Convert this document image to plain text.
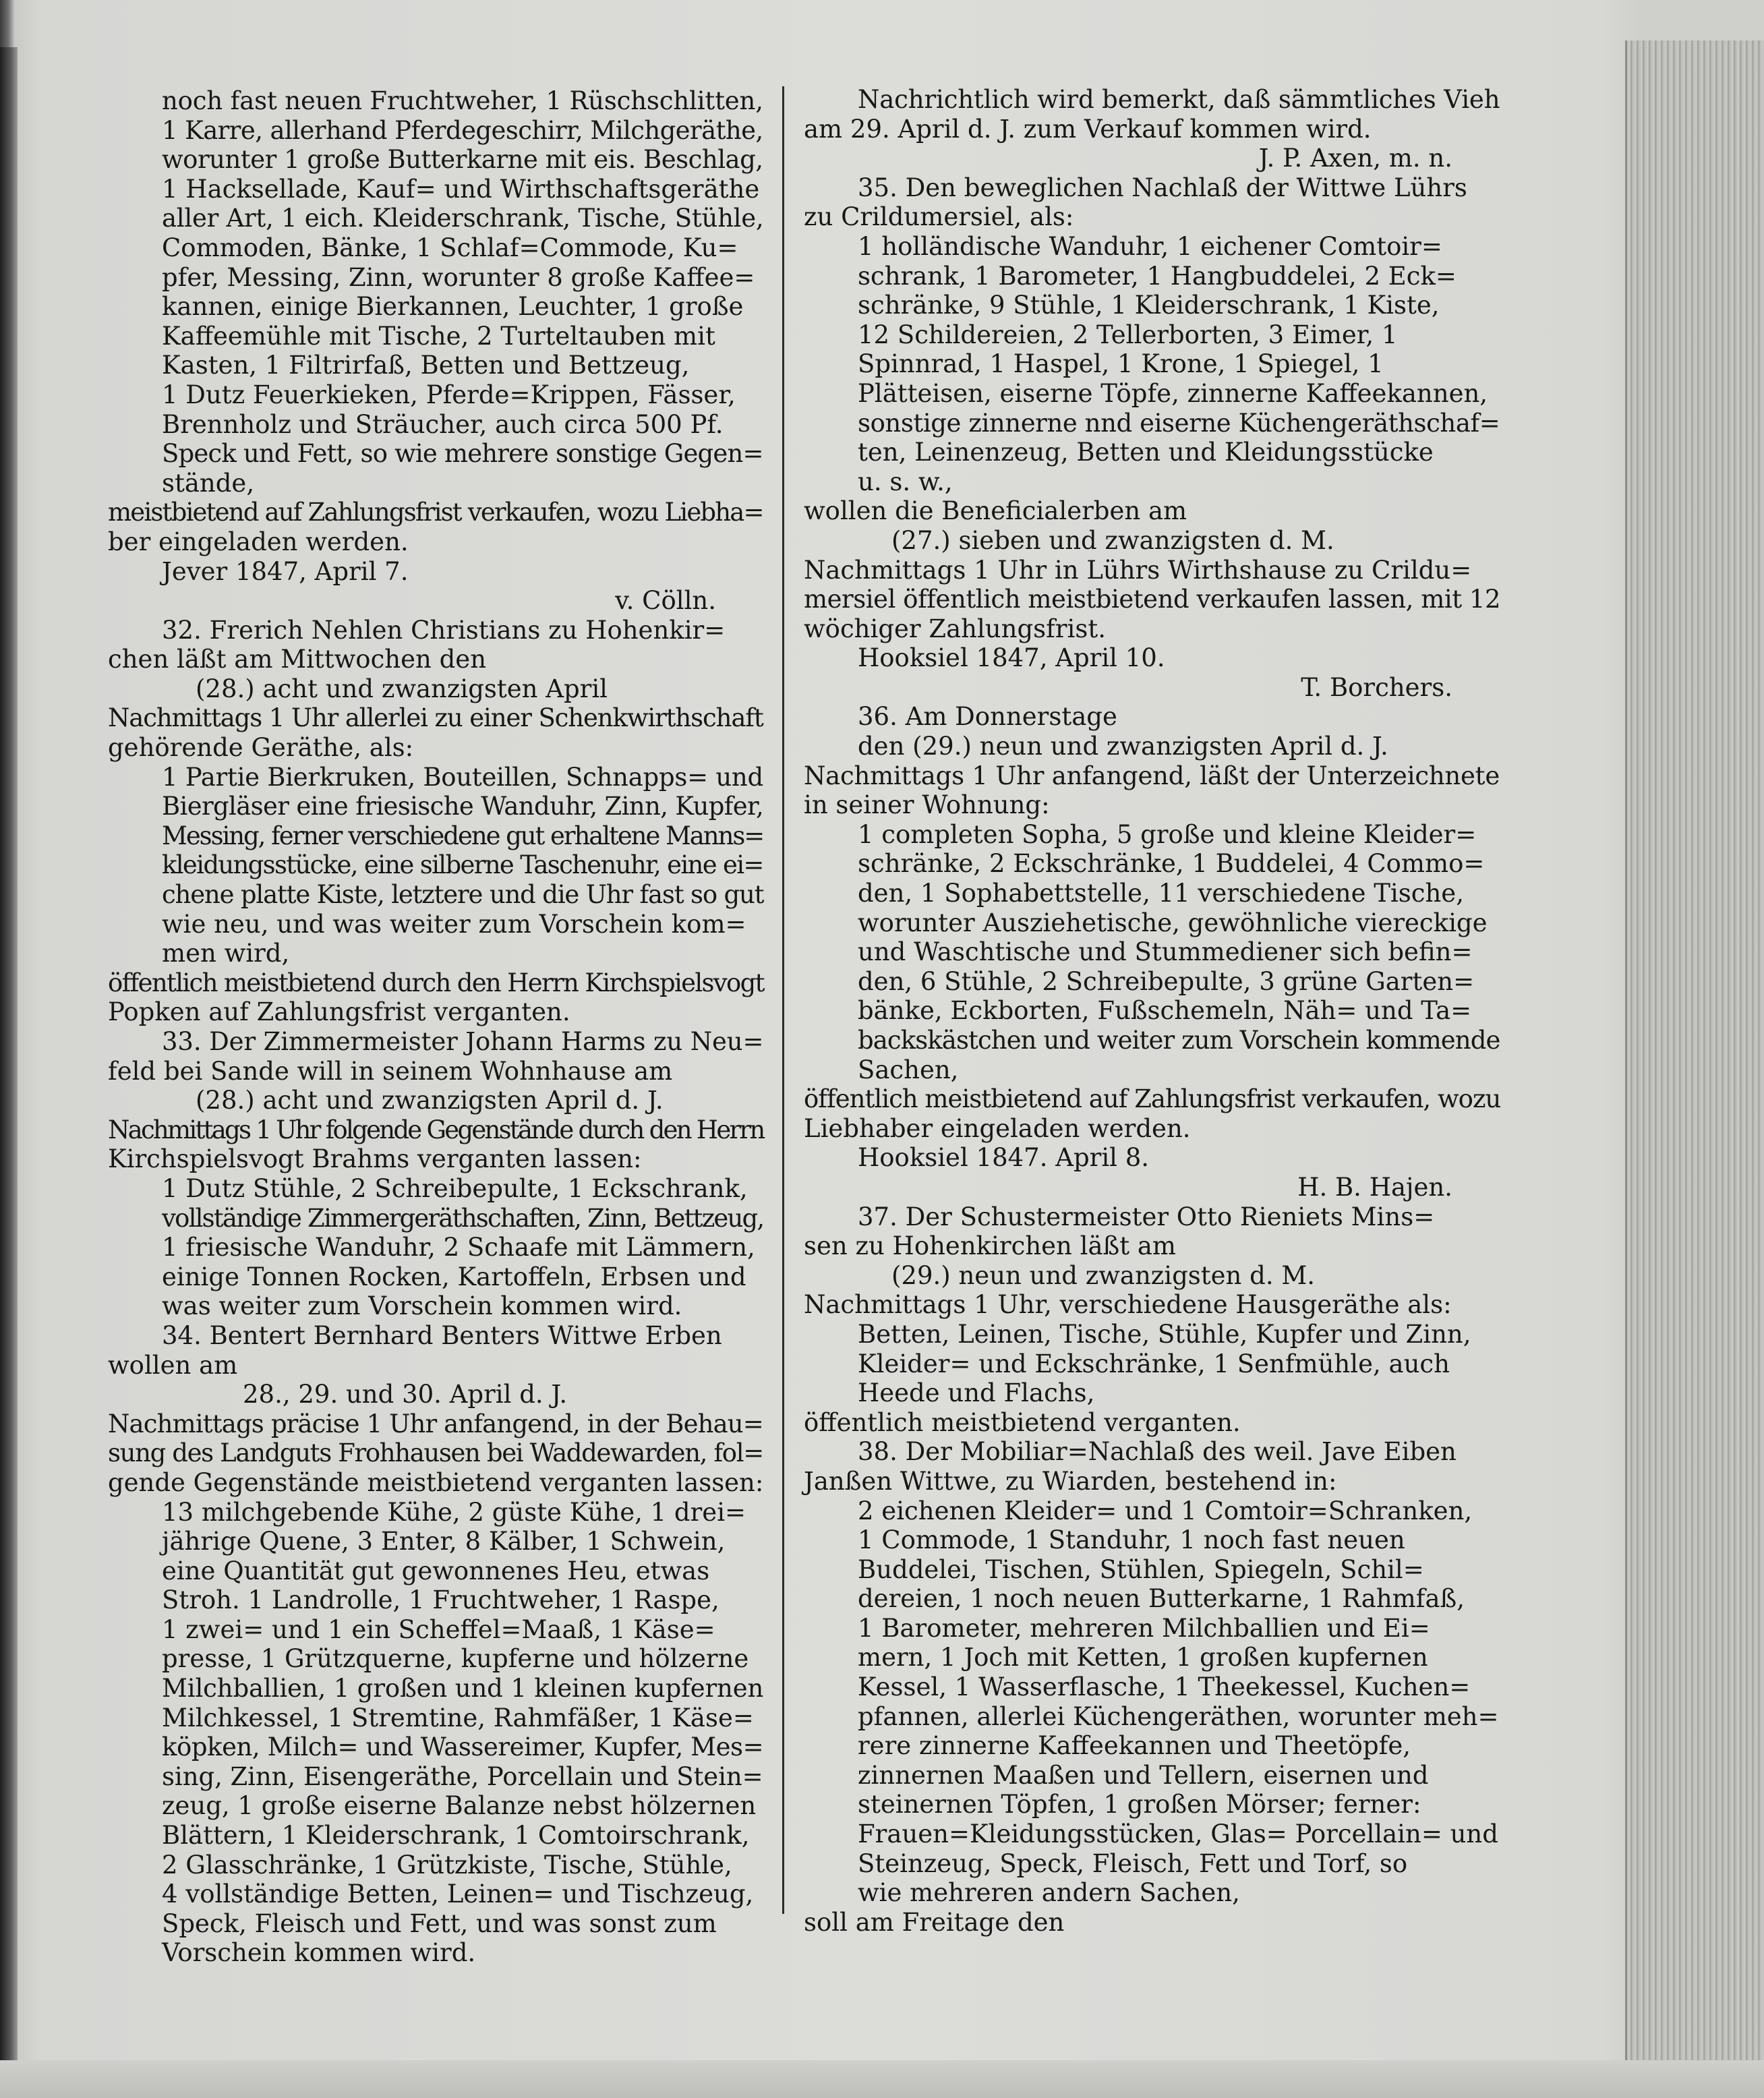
noch fast neuen Fruchtweher, 1 Rüschschlitten,

1 Karre, allerhand Pferdegeschirr, Milchgeräthe,

worunter 1 große Butterkarne mit eis. Beschlag,

1 Hacksellade, Kauf= und Wirthschaftsgeräthe

aller Art, 1 eich. Kleiderschrank, Tische, Stühle,

Commoden, Bänke, 1 Schlaf=Commode, Ku=

pfer, Messing, Zinn, worunter 8 große Kaffee=

kannen, einige Bierkannen, Leuchter, 1 große

Kaffeemühle mit Tische, 2 Turteltauben mit

Kasten, 1 Filtrirfaß, Betten und Bettzeug,

1 Dutz Feuerkieken, Pferde=Krippen, Fässer,

Brennholz und Sträucher, auch circa 500 Pf.

Speck und Fett, so wie mehrere sonstige Gegen=

stände,

meistbietend auf Zahlungsfrist verkaufen, wozu Liebha=

ber eingeladen werden.

Jever 1847, April 7.

v. Cölln.

32. Frerich Nehlen Christians zu Hohenkir=

chen läßt am Mittwochen den

(28.) acht und zwanzigsten April

Nachmittags 1 Uhr allerlei zu einer Schenkwirthschaft

gehörende Geräthe, als:

1 Partie Bierkruken, Bouteillen, Schnapps= und

Biergläser eine friesische Wanduhr, Zinn, Kupfer,

Messing, ferner verschiedene gut erhaltene Manns=

kleidungsstücke, eine silberne Taschenuhr, eine ei=

chene platte Kiste, letztere und die Uhr fast so gut

wie neu, und was weiter zum Vorschein kom=

men wird,

öffentlich meistbietend durch den Herrn Kirchspielsvogt

Popken auf Zahlungsfrist verganten.

33. Der Zimmermeister Johann Harms zu Neu=

feld bei Sande will in seinem Wohnhause am

(28.) acht und zwanzigsten April d. J.

Nachmittags 1 Uhr folgende Gegenstände durch den Herrn

Kirchspielsvogt Brahms verganten lassen:

1 Dutz Stühle, 2 Schreibepulte, 1 Eckschrank,

vollständige Zimmergeräthschaften, Zinn, Bettzeug,

1 friesische Wanduhr, 2 Schaafe mit Lämmern,

einige Tonnen Rocken, Kartoffeln, Erbsen und

was weiter zum Vorschein kommen wird.

34. Bentert Bernhard Benters Wittwe Erben

wollen am

28., 29. und 30. April d. J.

Nachmittags präcise 1 Uhr anfangend, in der Behau=

sung des Landguts Frohhausen bei Waddewarden, fol=

gende Gegenstände meistbietend verganten lassen:

13 milchgebende Kühe, 2 güste Kühe, 1 drei=

jährige Quene, 3 Enter, 8 Kälber, 1 Schwein,

eine Quantität gut gewonnenes Heu, etwas

Stroh. 1 Landrolle, 1 Fruchtweher, 1 Raspe,

1 zwei= und 1 ein Scheffel=Maaß, 1 Käse=

presse, 1 Grützquerne, kupferne und hölzerne

Milchballien, 1 großen und 1 kleinen kupfernen

Milchkessel, 1 Stremtine, Rahmfäßer, 1 Käse=

köpken, Milch= und Wassereimer, Kupfer, Mes=

sing, Zinn, Eisengeräthe, Porcellain und Stein=

zeug, 1 große eiserne Balanze nebst hölzernen

Blättern, 1 Kleiderschrank, 1 Comtoirschrank,

2 Glasschränke, 1 Grützkiste, Tische, Stühle,

4 vollständige Betten, Leinen= und Tischzeug,

Speck, Fleisch und Fett, und was sonst zum

Vorschein kommen wird.

Nachrichtlich wird bemerkt, daß sämmtliches Vieh

am 29. April d. J. zum Verkauf kommen wird.

J. P. Axen, m. n.

35. Den beweglichen Nachlaß der Wittwe Lührs

zu Crildumersiel, als:

1 holländische Wanduhr, 1 eichener Comtoir=

schrank, 1 Barometer, 1 Hangbuddelei, 2 Eck=

schränke, 9 Stühle, 1 Kleiderschrank, 1 Kiste,

12 Schildereien, 2 Tellerborten, 3 Eimer, 1

Spinnrad, 1 Haspel, 1 Krone, 1 Spiegel, 1

Plätteisen, eiserne Töpfe, zinnerne Kaffeekannen,

sonstige zinnerne nnd eiserne Küchengeräthschaf=

ten, Leinenzeug, Betten und Kleidungsstücke

u. s. w.,

wollen die Beneficialerben am

(27.) sieben und zwanzigsten d. M.

Nachmittags 1 Uhr in Lührs Wirthshause zu Crildu=

mersiel öffentlich meistbietend verkaufen lassen, mit 12

wöchiger Zahlungsfrist.

Hooksiel 1847, April 10.

T. Borchers.

36. Am Donnerstage

den (29.) neun und zwanzigsten April d. J.

Nachmittags 1 Uhr anfangend, läßt der Unterzeichnete

in seiner Wohnung:

1 completen Sopha, 5 große und kleine Kleider=

schränke, 2 Eckschränke, 1 Buddelei, 4 Commo=

den, 1 Sophabettstelle, 11 verschiedene Tische,

worunter Ausziehetische, gewöhnliche viereckige

und Waschtische und Stummediener sich befin=

den, 6 Stühle, 2 Schreibepulte, 3 grüne Garten=

bänke, Eckborten, Fußschemeln, Näh= und Ta=

backskästchen und weiter zum Vorschein kommende

Sachen,

öffentlich meistbietend auf Zahlungsfrist verkaufen, wozu

Liebhaber eingeladen werden.

Hooksiel 1847. April 8.

H. B. Hajen.

37. Der Schustermeister Otto Rieniets Mins=

sen zu Hohenkirchen läßt am

(29.) neun und zwanzigsten d. M.

Nachmittags 1 Uhr, verschiedene Hausgeräthe als:

Betten, Leinen, Tische, Stühle, Kupfer und Zinn,

Kleider= und Eckschränke, 1 Senfmühle, auch

Heede und Flachs,

öffentlich meistbietend verganten.

38. Der Mobiliar=Nachlaß des weil. Jave Eiben

Janßen Wittwe, zu Wiarden, bestehend in:

2 eichenen Kleider= und 1 Comtoir=Schranken,

1 Commode, 1 Standuhr, 1 noch fast neuen

Buddelei, Tischen, Stühlen, Spiegeln, Schil=

dereien, 1 noch neuen Butterkarne, 1 Rahmfaß,

1 Barometer, mehreren Milchballien und Ei=

mern, 1 Joch mit Ketten, 1 großen kupfernen

Kessel, 1 Wasserflasche, 1 Theekessel, Kuchen=

pfannen, allerlei Küchengeräthen, worunter meh=

rere zinnerne Kaffeekannen und Theetöpfe,

zinnernen Maaßen und Tellern, eisernen und

steinernen Töpfen, 1 großen Mörser; ferner:

Frauen=Kleidungsstücken, Glas= Porcellain= und

Steinzeug, Speck, Fleisch, Fett und Torf, so

wie mehreren andern Sachen,

soll am Freitage den
